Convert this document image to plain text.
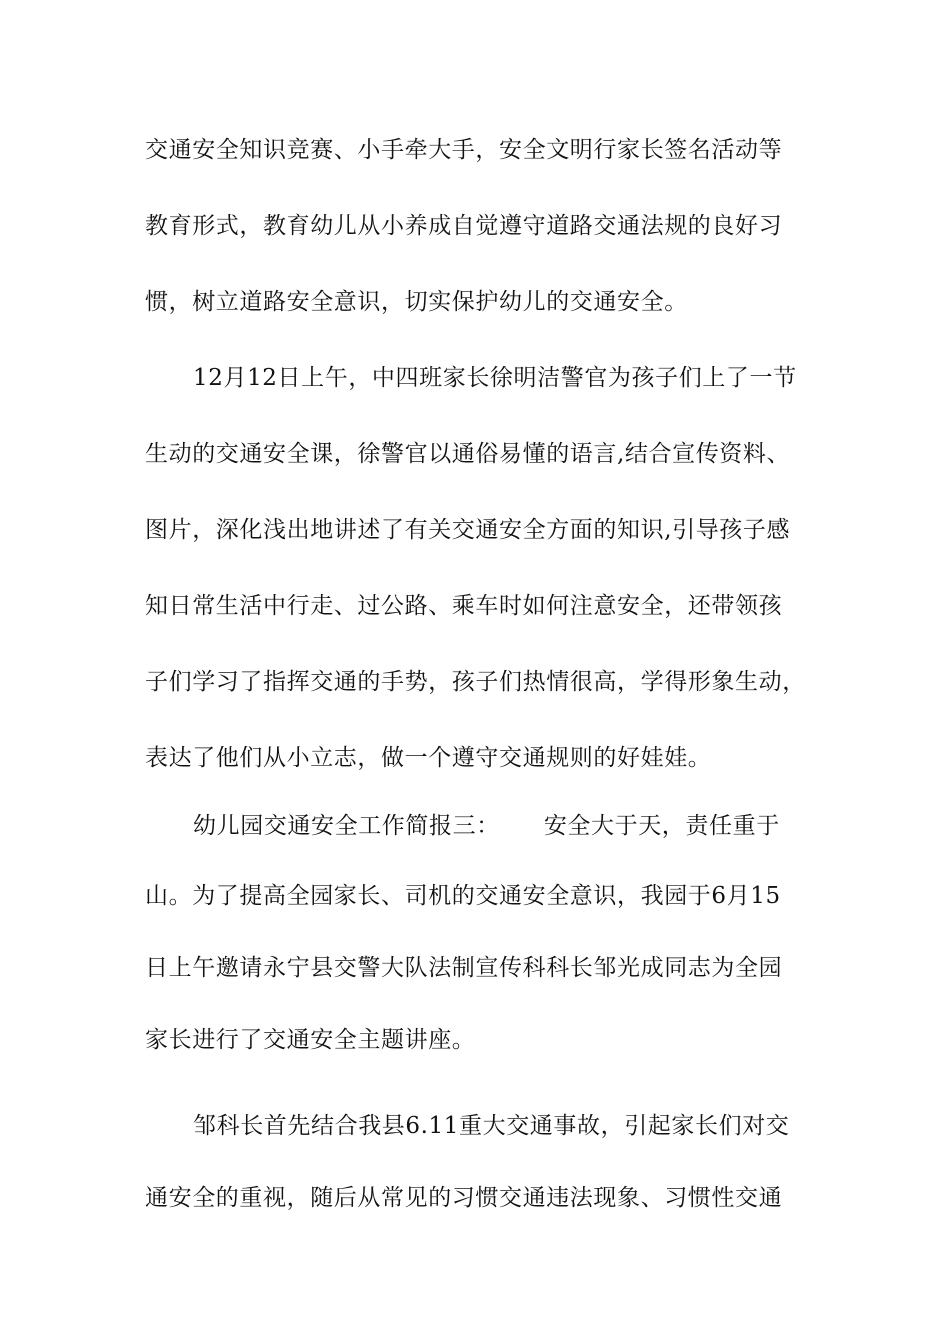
交通安全知识竞赛、小手牵大手，安全文明行家长签名活动等
教育形式，教育幼儿从小养成自觉遵守道路交通法规的良好习
惯，树立道路安全意识，切实保护幼儿的交通安全。
12月12日上午，中四班家长徐明洁警官为孩子们上了一节
生动的交通安全课，徐警官以通俗易懂的语言,结合宣传资料、
图片，深化浅出地讲述了有关交通安全方面的知识,引导孩子感
知日常生活中行走、过公路、乘车时如何注意安全，还带领孩
子们学习了指挥交通的手势，孩子们热情很高，学得形象生动，
表达了他们从小立志，做一个遵守交通规则的好娃娃。
幼儿园交通安全工作简报三： 安全大于天，责任重于
山。为了提高全园家长、司机的交通安全意识，我园于6月15
日上午邀请永宁县交警大队法制宣传科科长邹光成同志为全园
家长进行了交通安全主题讲座。
邹科长首先结合我县6.11重大交通事故，引起家长们对交
通安全的重视，随后从常见的习惯交通违法现象、习惯性交通
